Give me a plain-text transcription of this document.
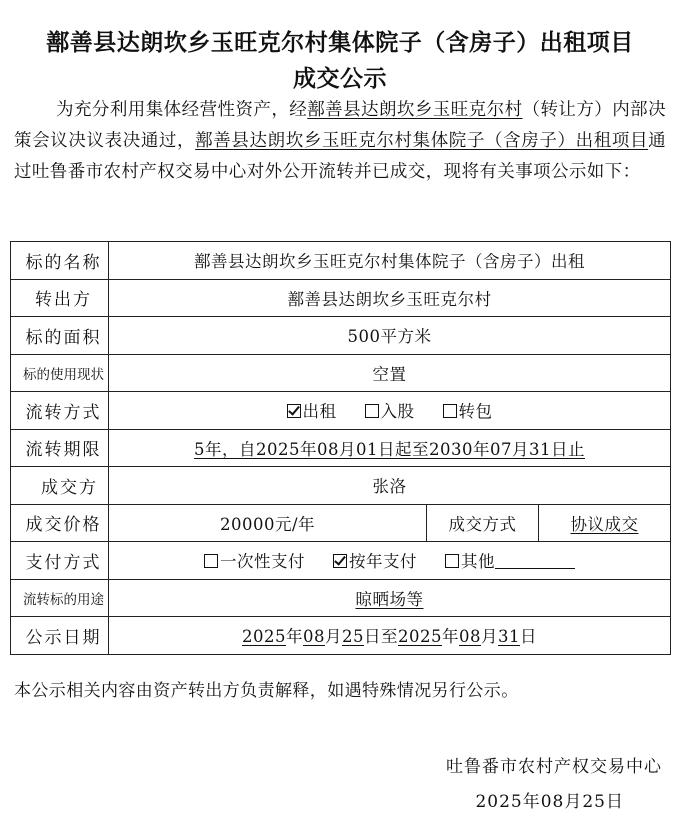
鄯善县达朗坎乡玉旺克尔村集体院子（含房子）出租项目
成交公示
为充分利用集体经营性资产，经鄯善县达朗坎乡玉旺克尔村（转让方）内部决策会议决议表决通过，鄯善县达朗坎乡玉旺克尔村集体院子（含房子）出租项目通过吐鲁番市农村产权交易中心对外公开流转并已成交，现将有关事项公示如下：
标的名称	鄯善县达朗坎乡玉旺克尔村集体院子（含房子）出租		
转出方	鄯善县达朗坎乡玉旺克尔村		
标的面积	500平方米		
标的使用现状	空置		
流转方式	出租 入股 转包		
流转期限	5年，自2025年08月01日起至2030年07月31日止		
成交方	张洛		
成交价格	20000元/年	成交方式	协议成交
支付方式	一次性支付 按年支付 其他		
流转标的用途	晾晒场等		
公示日期	2025年08月25日至2025年08月31日		
本公示相关内容由资产转出方负责解释，如遇特殊情况另行公示。
吐鲁番市农村产权交易中心
2025年08月25日
